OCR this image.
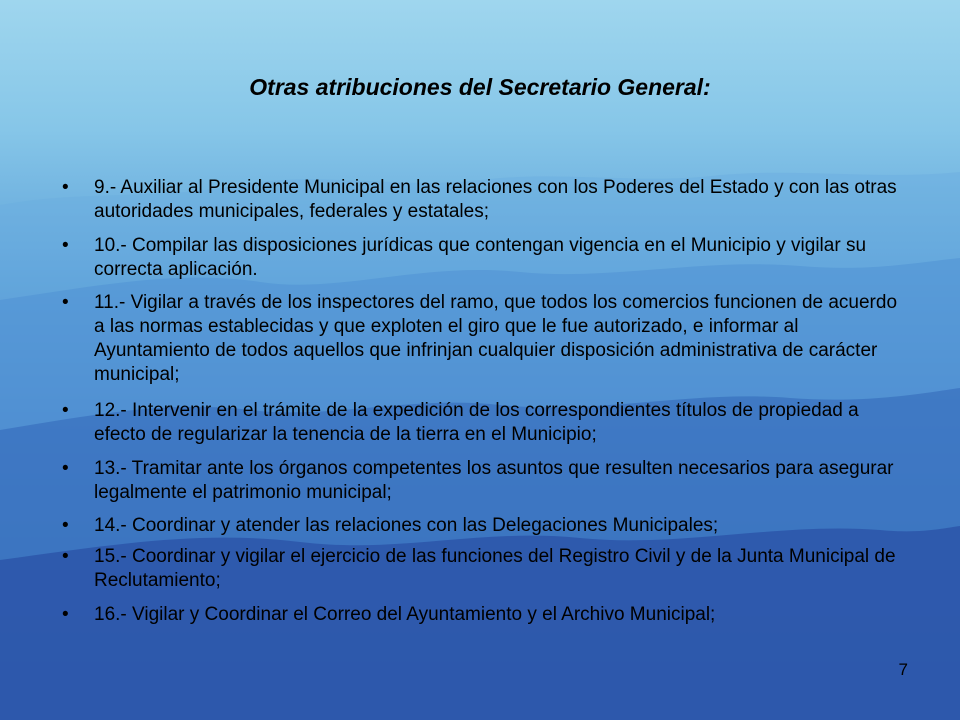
Otras atribuciones del Secretario General:
•	9.- Auxiliar al Presidente Municipal en las relaciones con los Poderes del Estado y con las otras autoridades municipales, federales y estatales;
•	10.- Compilar las disposiciones jurídicas que contengan vigencia en el Municipio y vigilar su correcta aplicación.
•	11.- Vigilar a través de los inspectores del ramo, que todos los comercios funcionen de acuerdo a las normas establecidas y que exploten el giro que le fue autorizado, e informar al Ayuntamiento de todos aquellos que infrinjan cualquier disposición administrativa de carácter municipal;
•	12.- Intervenir en el trámite de la expedición de los correspondientes títulos de propiedad a efecto de regularizar la tenencia de la tierra en el Municipio;
•	13.- Tramitar ante los órganos competentes los asuntos que resulten necesarios para asegurar legalmente el patrimonio municipal;
•	14.- Coordinar y atender las relaciones con las Delegaciones Municipales;
•	15.- Coordinar y vigilar el ejercicio de las funciones del Registro Civil y de la Junta Municipal de Reclutamiento;
•	16.- Vigilar y Coordinar el Correo del Ayuntamiento y el Archivo Municipal;
7
